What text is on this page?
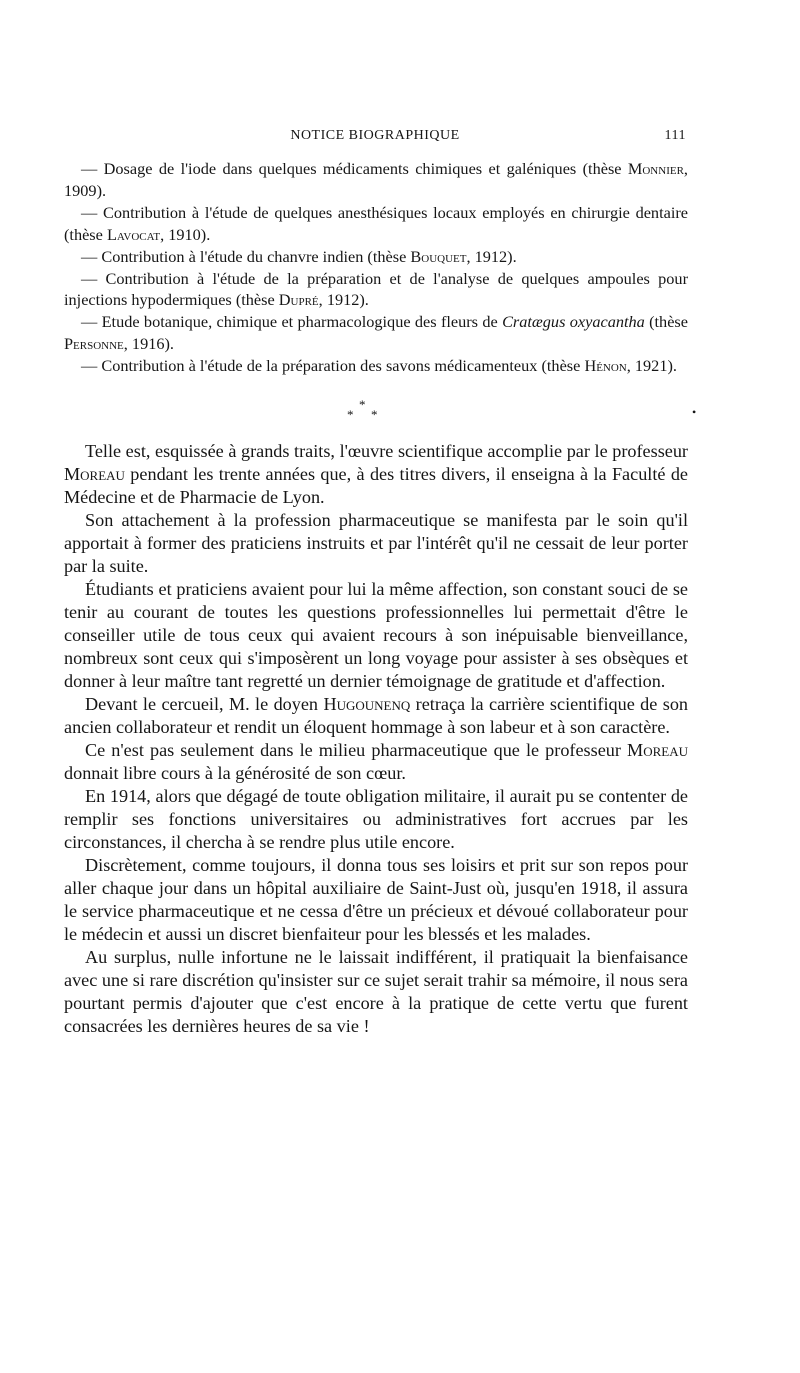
NOTICE BIOGRAPHIQUE	111

— Dosage de l'iode dans quelques médicaments chimiques et galéniques (thèse Monnier, 1909).

— Contribution à l'étude de quelques anesthésiques locaux employés en chirurgie dentaire (thèse Lavocat, 1910).

— Contribution à l'étude du chanvre indien (thèse Bouquet, 1912).

— Contribution à l'étude de la préparation et de l'analyse de quelques ampoules pour injections hypodermiques (thèse Dupré, 1912).

— Etude botanique, chimique et pharmacologique des fleurs de Cratægus oxyacantha (thèse Personne, 1916).

— Contribution à l'étude de la préparation des savons médicamenteux (thèse Hénon, 1921).

*
* *	•

Telle est, esquissée à grands traits, l'œuvre scientifique accomplie par le professeur Moreau pendant les trente années que, à des titres divers, il enseigna à la Faculté de Médecine et de Pharmacie de Lyon.

Son attachement à la profession pharmaceutique se manifesta par le soin qu'il apportait à former des praticiens instruits et par l'intérêt qu'il ne cessait de leur porter par la suite.

Étudiants et praticiens avaient pour lui la même affection, son constant souci de se tenir au courant de toutes les questions professionnelles lui permettait d'être le conseiller utile de tous ceux qui avaient recours à son inépuisable bienveillance, nombreux sont ceux qui s'imposèrent un long voyage pour assister à ses obsèques et donner à leur maître tant regretté un dernier témoignage de gratitude et d'affection.

Devant le cercueil, M. le doyen Hugounenq retraça la carrière scientifique de son ancien collaborateur et rendit un éloquent hommage à son labeur et à son caractère.

Ce n'est pas seulement dans le milieu pharmaceutique que le professeur Moreau donnait libre cours à la générosité de son cœur.

En 1914, alors que dégagé de toute obligation militaire, il aurait pu se contenter de remplir ses fonctions universitaires ou administratives fort accrues par les circonstances, il chercha à se rendre plus utile encore.

Discrètement, comme toujours, il donna tous ses loisirs et prit sur son repos pour aller chaque jour dans un hôpital auxiliaire de Saint-Just où, jusqu'en 1918, il assura le service pharmaceutique et ne cessa d'être un précieux et dévoué collaborateur pour le médecin et aussi un discret bienfaiteur pour les blessés et les malades.

Au surplus, nulle infortune ne le laissait indifférent, il pratiquait la bienfaisance avec une si rare discrétion qu'insister sur ce sujet serait trahir sa mémoire, il nous sera pourtant permis d'ajouter que c'est encore à la pratique de cette vertu que furent consacrées les dernières heures de sa vie !
